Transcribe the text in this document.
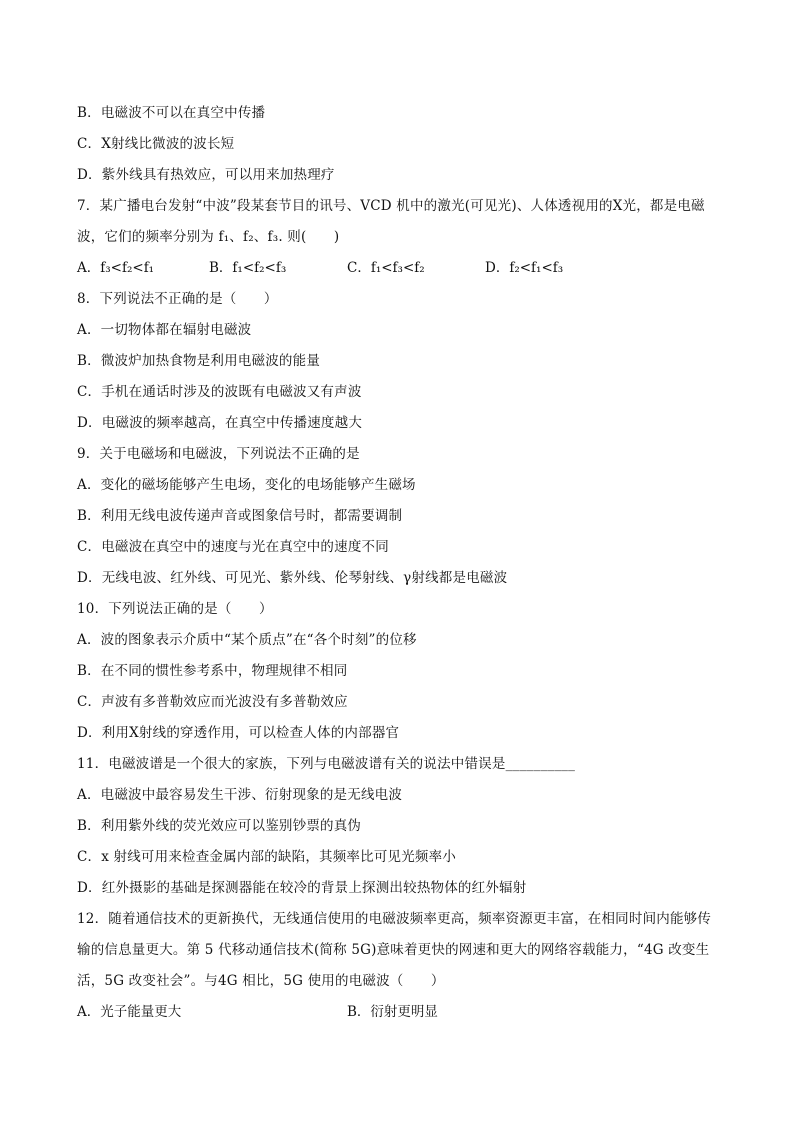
B．电磁波不可以在真空中传播
C．X射线比微波的波长短
D．紫外线具有热效应，可以用来加热理疗
7．某广播电台发射“中波”段某套节目的讯号、VCD 机中的激光(可见光)、人体透视用的X光，都是电磁
波，它们的频率分别为 f₁、f₂、f₃. 则(　　)
8．下列说法不正确的是（　　）
A．一切物体都在辐射电磁波
B．微波炉加热食物是利用电磁波的能量
C．手机在通话时涉及的波既有电磁波又有声波
D．电磁波的频率越高，在真空中传播速度越大
9．关于电磁场和电磁波，下列说法不正确的是
A．变化的磁场能够产生电场，变化的电场能够产生磁场
B．利用无线电波传递声音或图象信号时，都需要调制
C．电磁波在真空中的速度与光在真空中的速度不同
D．无线电波、红外线、可见光、紫外线、伦琴射线、γ射线都是电磁波
10．下列说法正确的是（　　）
A．波的图象表示介质中“某个质点”在“各个时刻”的位移
B．在不同的惯性参考系中，物理规律不相同
C．声波有多普勒效应而光波没有多普勒效应
D．利用X射线的穿透作用，可以检查人体的内部器官
11．电磁波谱是一个很大的家族，下列与电磁波谱有关的说法中错误是__________
A．电磁波中最容易发生干涉、衍射现象的是无线电波
B．利用紫外线的荧光效应可以鉴别钞票的真伪
C．x 射线可用来检查金属内部的缺陷，其频率比可见光频率小
D．红外摄影的基础是探测器能在较冷的背景上探测出较热物体的红外辐射
12．随着通信技术的更新换代，无线通信使用的电磁波频率更高，频率资源更丰富，在相同时间内能够传
输的信息量更大。第 5 代移动通信技术(简称 5G)意味着更快的网速和更大的网络容载能力，“4G 改变生
活，5G 改变社会”。与4G 相比，5G 使用的电磁波（　　）
A．f₃<f₂<f₁	B．f₁<f₂<f₃	C．f₁<f₃<f₂	D．f₂<f₁<f₃
A．光子能量更大	B．衍射更明显
